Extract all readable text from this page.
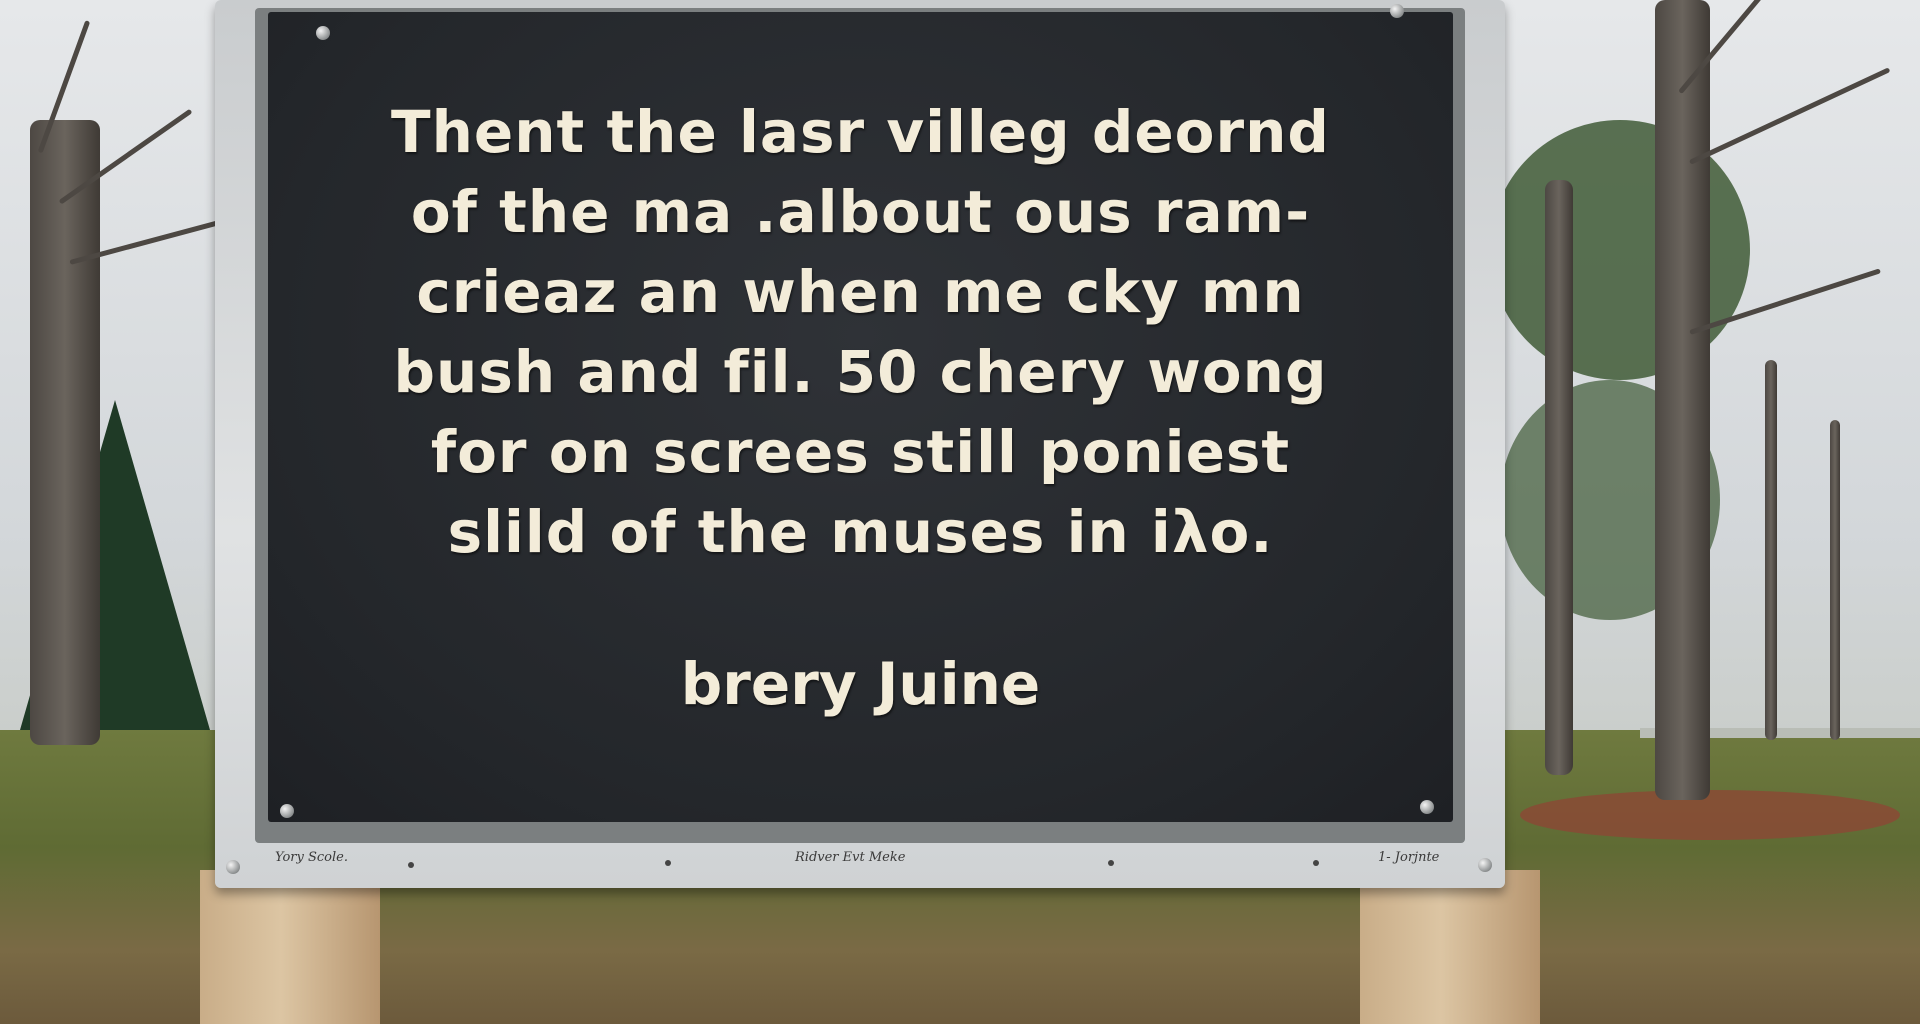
Thent the lasr villeg deornd
of the ma .albout ous ram-
crieaz an when me cky mn
bush and fil. 50 chery wong
for on screes still poniest
slild of the muses in iλo.
brery Juine
Yory Scole.	Ridver Evt Meke	1- Jorjnte
